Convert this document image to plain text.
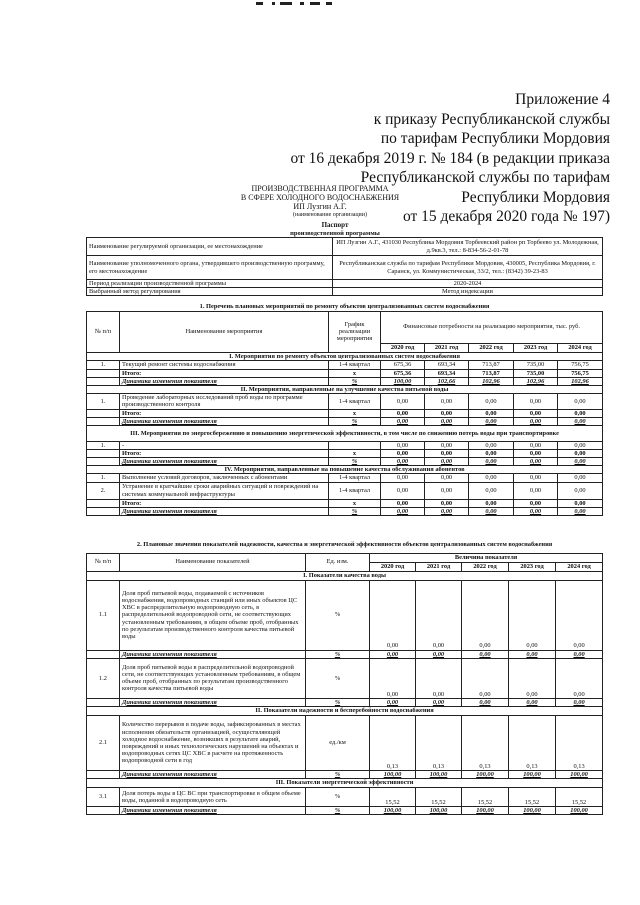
Приложение 4
к приказу Республиканской службы
по тарифам Республики Мордовия
от 16 декабря 2019 г. № 184 (в редакции приказа
Республиканской службы по тарифам
Республики Мордовия
от 15 декабря 2020 года № 197)
ПРОИЗВОДСТВЕННАЯ ПРОГРАММА
В СФЕРЕ ХОЛОДНОГО ВОДОСНАБЖЕНИЯ
ИП Лузгин А.Г.
(наименование организации)
Паспорт
производственной программы
Наименование регулируемой организации, ее местонахождение	ИП Лузгин А.Г., 431030 Республика Мордовия Торбеевский район рп Торбеево ул. Молодежная, д.9кв.3, тел.: 8-834-56-2-01-78
Наименование уполномоченного органа, утвердившего производственную программу, его местонахождение	Республиканская служба по тарифам Республики Мордовия, 430005, Республика Мордовия, г. Саранск, ул. Коммунистическая, 33/2, тел.: (8342) 39-23-83
Период реализации производственной программы	2020-2024
Выбранный метод регулирования	Метод индексации
1. Перечень плановых мероприятий по ремонту объектов централизованных систем водоснабжения							
№ п/п	Наименование мероприятия	График реализации мероприятия	Финансовые потребности на реализацию мероприятия, тыс. руб.				
			2020 год	2021 год	2022 год	2023 год	2024 год
I. Мероприятия по ремонту объектов централизованных систем водоснабжения							
1.	Текущий ремонт системы водоснабжения	1-4 квартал	675,36	693,34	713,87	735,00	756,75
	Итого:	х	675,36	693,34	713,87	735,00	756,75
	Динамика изменения показателя	%	100,00	102,66	102,96	102,96	102,96
II. Мероприятия, направленные на улучшение качества питьевой воды							
1.	Проведение лабораторных исследований проб воды по программе производственного контроля	1-4 квартал	0,00	0,00	0,00	0,00	0,00
	Итого:	х	0,00	0,00	0,00	0,00	0,00
	Динамика изменения показателя	%	0,00	0,00	0,00	0,00	0,00
III. Мероприятия по энергосбережению и повышению энергетической эффективности, в том числе по снижению потерь воды при транспортировке							
1.	-		0,00	0,00	0,00	0,00	0,00
	Итого:	х	0,00	0,00	0,00	0,00	0,00
	Динамика изменения показателя	%	0,00	0,00	0,00	0,00	0,00
IV. Мероприятия, направленные на повышение качества обслуживания абонентов							
1.	Выполнение условий договоров, заключенных с абонентами	1-4 квартал	0,00	0,00	0,00	0,00	0,00
2.	Устранение в кратчайшие сроки аварийных ситуаций и повреждений на системах коммунальной инфраструктуры	1-4 квартал	0,00	0,00	0,00	0,00	0,00
	Итого:	х	0,00	0,00	0,00	0,00	0,00
	Динамика изменения показателя	%	0,00	0,00	0,00	0,00	0,00
2. Плановые значения показателей надежности, качества и энергетической эффективности объектов централизованных систем водоснабжения							
№ п/п	Наименование показателей	Ед. изм.	Величина показателя				
			2020 год	2021 год	2022 год	2023 год	2024 год
I. Показатели качества воды							
1.1	Доля проб питьевой воды, подаваемой с источников водоснабжения, водопроводных станций или иных объектов ЦС ХВС в распределительную водопроводную сеть, в распределительной водопроводной сети, не соответствующих установленным требованиям, в общем объеме проб, отобранных по результатам производственного контроля качества питьевой воды	%	0,00	0,00	0,00	0,00	0,00
	Динамика изменения показателя	%	0,00	0,00	0,00	0,00	0,00
1.2	Доля проб питьевой воды в распределительной водопроводной сети, не соответствующих установленным требованиям, в общем объеме проб, отобранных по результатам производственного контроля качества питьевой воды	%	0,00	0,00	0,00	0,00	0,00
	Динамика изменения показателя	%	0,00	0,00	0,00	0,00	0,00
II. Показатели надежности и бесперебойности водоснабжения							
2.1	Количество перерывов в подаче воды, зафиксированных в местах исполнения обязательств организацией, осуществляющей холодное водоснабжение, возникших в результате аварий, повреждений и иных технологических нарушений на объектах и водопроводных сетях ЦС ХВС в расчете на протяженность водопроводной сети в год	ед./км	0,13	0,13	0,13	0,13	0,13
	Динамика изменения показателя	%	100,00	100,00	100,00	100,00	100,00
III. Показатели энергетической эффективности							
3.1	Доля потерь воды в ЦС ВС при транспортировке в общем объеме воды, поданной в водопроводную сеть	%	15,52	15,52	15,52	15,52	15,52
	Динамика изменения показателя	%	100,00	100,00	100,00	100,00	100,00
